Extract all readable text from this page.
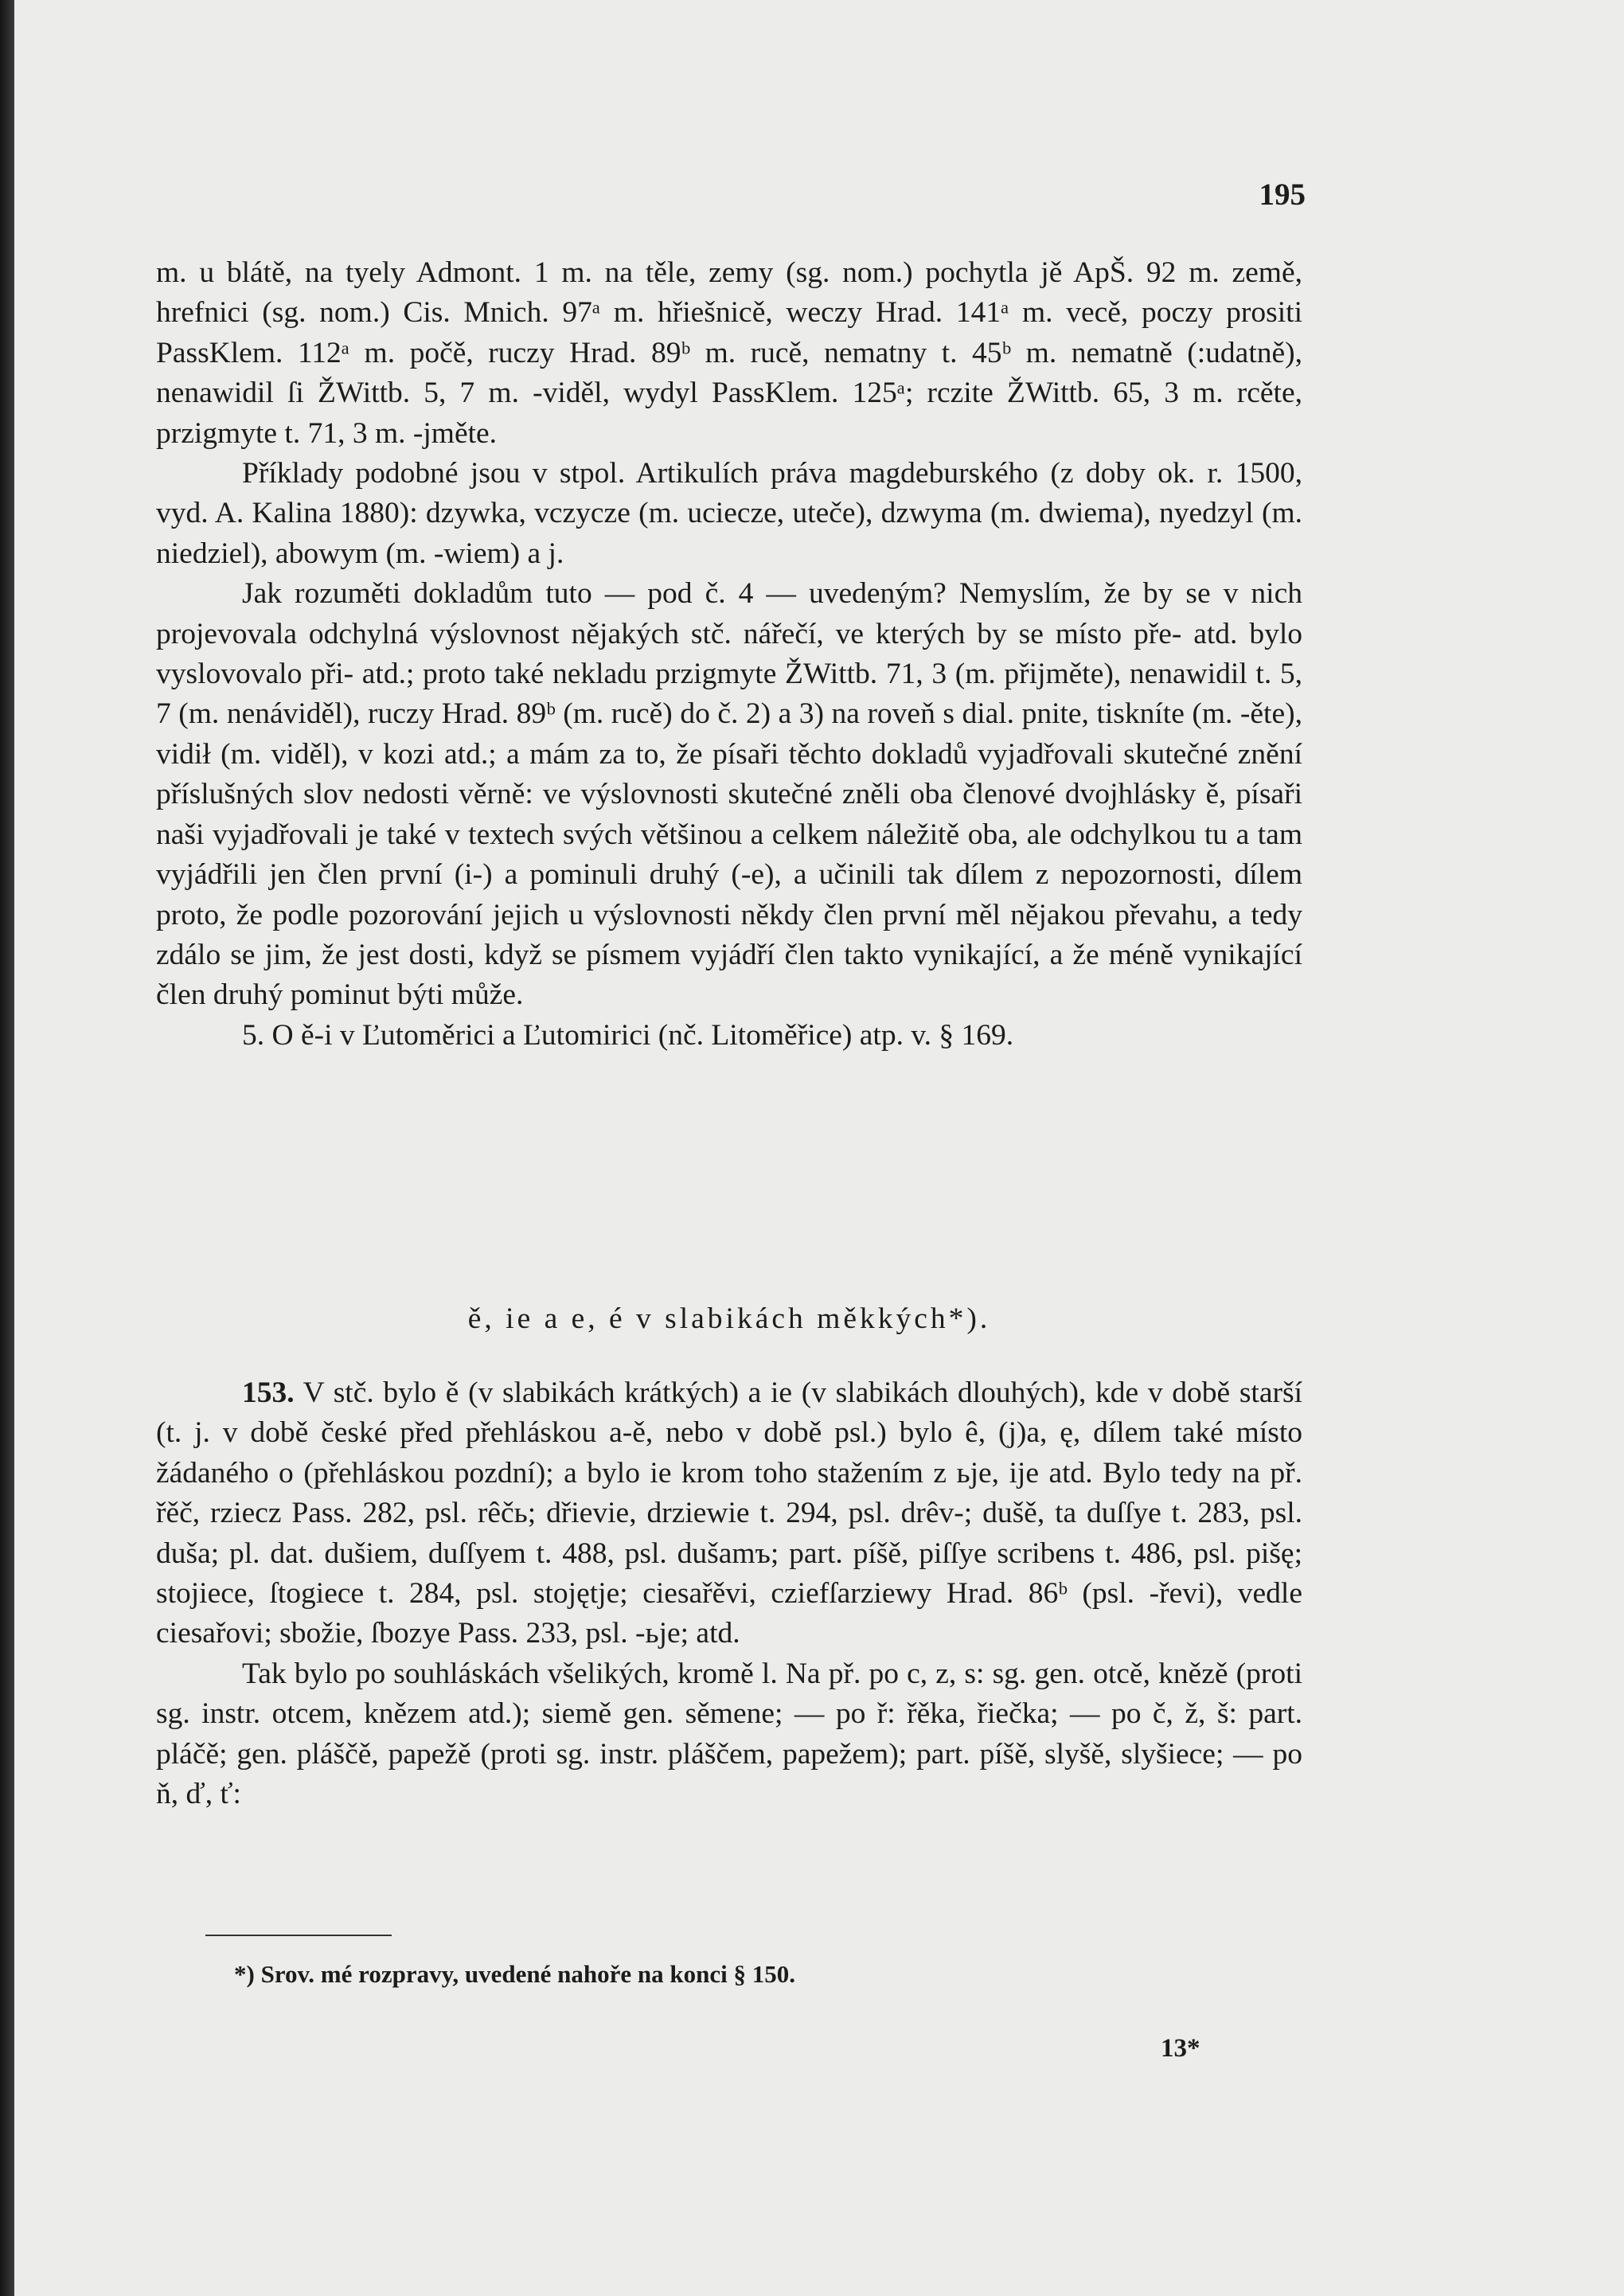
195

m. u blátě, na tyely Admont. 1 m. na těle, zemy (sg. nom.) pochytla jě ApŠ. 92 m. země, hrefnici (sg. nom.) Cis. Mnich. 97ᵃ m. hřiešnicě, weczy Hrad. 141ᵃ m. vecě, poczy prositi PassKlem. 112ᵃ m. počě, ruczy Hrad. 89ᵇ m. rucě, nematny t. 45ᵇ m. nematně (:udatně), nenawidil ſi ŽWittb. 5, 7 m. -viděl, wydyl PassKlem. 125ᵃ; rczite ŽWittb. 65, 3 m. rcěte, przigmyte t. 71, 3 m. -jměte.

Příklady podobné jsou v stpol. Artikulích práva magdeburského (z doby ok. r. 1500, vyd. A. Kalina 1880): dzywka, vczycze (m. uciecze, uteče), dzwyma (m. dwiema), nyedzyl (m. niedziel), abowym (m. -wiem) a j.

Jak rozuměti dokladům tuto — pod č. 4 — uvedeným? Nemyslím, že by se v nich projevovala odchylná výslovnost nějakých stč. nářečí, ve kterých by se místo pře- atd. bylo vyslovovalo při- atd.; proto také nekladu przigmyte ŽWittb. 71, 3 (m. přijměte), nenawidil t. 5, 7 (m. nenáviděl), ruczy Hrad. 89ᵇ (m. rucě) do č. 2) a 3) na roveň s dial. pnite, tiskníte (m. -ěte), vidił (m. viděl), v kozi atd.; a mám za to, že písaři těchto dokladů vyjadřovali skutečné znění příslušných slov nedosti věrně: ve výslovnosti skutečné zněli oba členové dvojhlásky ě, písaři naši vyjadřovali je také v textech svých většinou a celkem náležitě oba, ale odchylkou tu a tam vyjádřili jen člen první (i-) a pominuli druhý (-e), a učinili tak dílem z nepozornosti, dílem proto, že podle pozorování jejich u výslovnosti někdy člen první měl nějakou převahu, a tedy zdálo se jim, že jest dosti, když se písmem vyjádří člen takto vynikající, a že méně vynikající člen druhý pominut býti může.

5. O ě-i v Ľutoměrici a Ľutomirici (nč. Litoměřice) atp. v. § 169.

ě, ie a e, é v slabikách měkkých*).

153. V stč. bylo ě (v slabikách krátkých) a ie (v slabikách dlouhých), kde v době starší (t. j. v době české před přehláskou a-ě, nebo v době psl.) bylo ê, (j)a, ę, dílem také místo žádaného o (přehláskou pozdní); a bylo ie krom toho stažením z ьje, ije atd. Bylo tedy na př. řěč, rziecz Pass. 282, psl. rêčь; dřievie, drziewie t. 294, psl. drêv-; dušě, ta duſſye t. 283, psl. duša; pl. dat. dušiem, duſſyem t. 488, psl. dušamъ; part. píšě, piſſye scribens t. 486, psl. pišę; stojiece, ſtogiece t. 284, psl. stojętje; ciesařěvi, cziefſarziewy Hrad. 86ᵇ (psl. -řevi), vedle ciesařovi; sbožie, ſbozye Pass. 233, psl. -ьje; atd.

Tak bylo po souhláskách všelikých, kromě l. Na př. po c, z, s: sg. gen. otcě, knězě (proti sg. instr. otcem, knězem atd.); siemě gen. sěmene; — po ř: řěka, řiečka; — po č, ž, š: part. pláčě; gen. pláščě, papežě (proti sg. instr. pláščem, papežem); part. píšě, slyšě, slyšiece; — po ň, ď, ť:

*) Srov. mé rozpravy, uvedené nahoře na konci § 150.
13*
